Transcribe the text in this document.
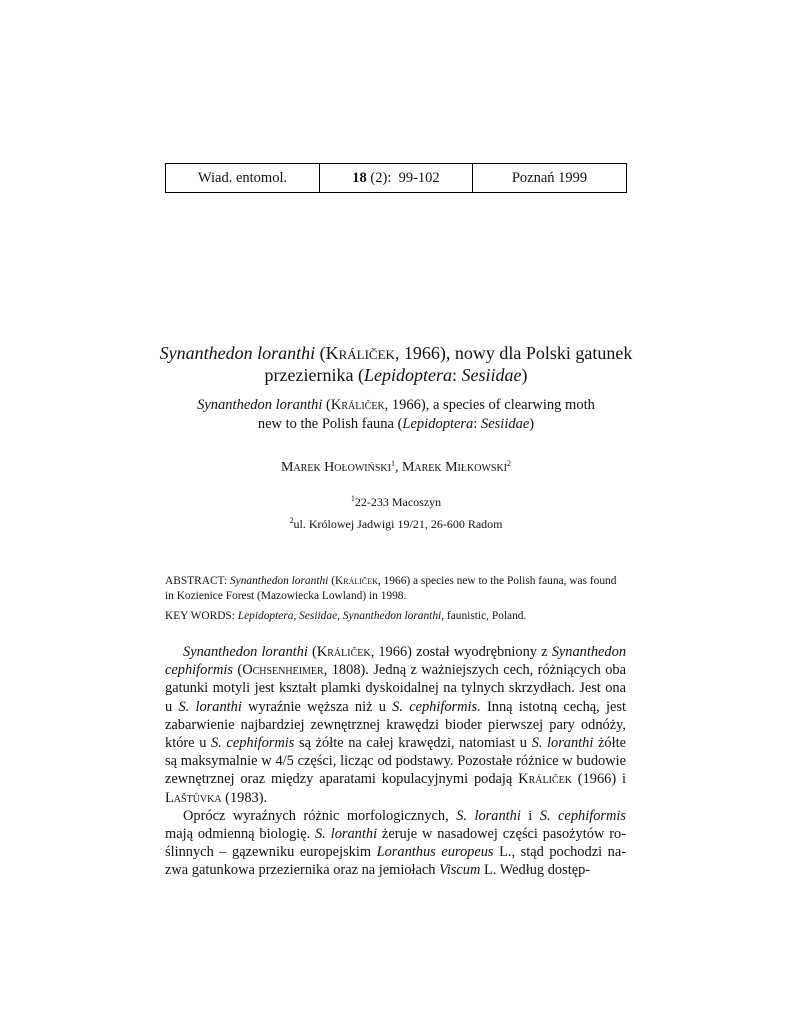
Wiad. entomol.	18 (2):  99-102	Poznań 1999
Synanthedon loranthi (Králiček, 1966), nowy dla Polski gatunek
przeziernika (Lepidoptera: Sesiidae)
Synanthedon loranthi (Králiček, 1966), a species of clearwing moth
new to the Polish fauna (Lepidoptera: Sesiidae)
Marek Hołowiński$^1$, Marek Miłkowski$^2$
$^1$22-233 Macoszyn
$^2$ul. Królowej Jadwigi 19/21, 26-600 Radom
ABSTRACT: Synanthedon loranthi (Králiček, 1966) a species new to the Polish fauna, was found in Kozienice Forest (Mazowiecka Lowland) in 1998.
KEY WORDS: Lepidoptera, Sesiidae, Synanthedon loranthi, faunistic, Poland.

Synanthedon loranthi (Králiček, 1966) został wyodrębniony z Synanthedon cephiformis (Ochsenheimer, 1808). Jedną z ważniejszych cech, różniących oba gatunki motyli jest kształt plamki dyskoidalnej na tylnych skrzydłach. Jest ona u S. loranthi wyraźnie węższa niż u S. cephiformis. Inną istotną cechą, jest zabarwienie najbardziej zewnętrznej krawędzi bioder pierwszej pary odnóży, które u S. cephiformis są żółte na całej krawędzi, natomiast u S. loranthi żółte są maksymalnie w 4/5 części, licząc od podstawy. Pozostałe różnice w budowie zewnętrznej oraz między aparatami kopulacyjnymi podają Králiček (1966) i Laštůvka (1983).

Oprócz wyraźnych różnic morfologicznych, S. loranthi i S. cephiformis mają odmienną biologię. S. loranthi żeruje w nasadowej części pasożytów roślinnych – gązewniku europejskim Loranthus europeus L., stąd pochodzi nazwa gatunkowa przeziernika oraz na jemiołach Viscum L. Według dostęp-
